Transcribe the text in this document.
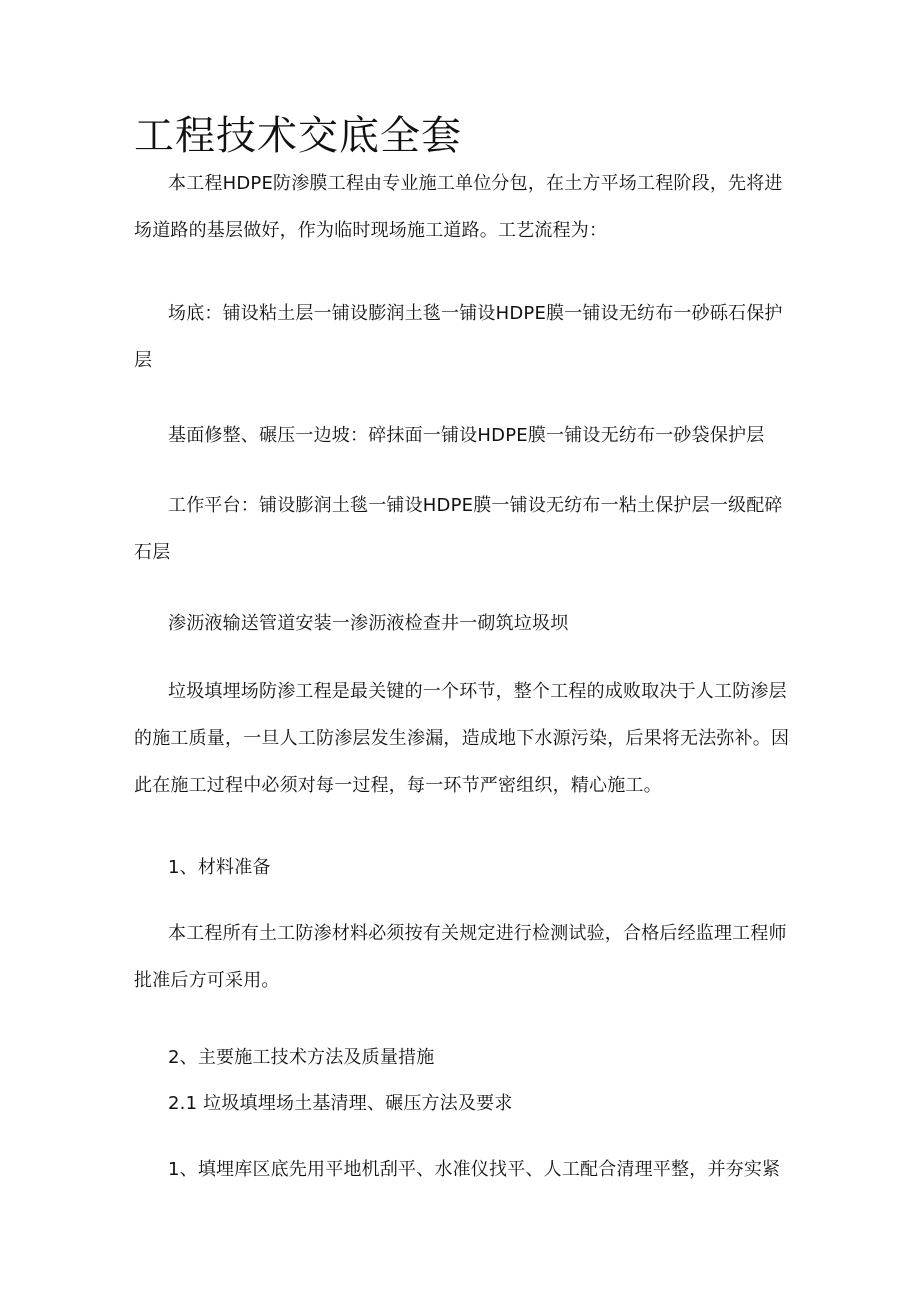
工程技术交底全套

本工程HDPE防渗膜工程由专业施工单位分包，在土方平场工程阶段，先将进场道路的基层做好，作为临时现场施工道路。工艺流程为：

场底：铺设粘土层一铺设膨润土毯一铺设HDPE膜一铺设无纺布一砂砾石保护层

基面修整、碾压一边坡：碎抹面一铺设HDPE膜一铺设无纺布一砂袋保护层

工作平台：铺设膨润土毯一铺设HDPE膜一铺设无纺布一粘土保护层一级配碎石层

渗沥液输送管道安装一渗沥液检查井一砌筑垃圾坝

垃圾填埋场防渗工程是最关键的一个环节，整个工程的成败取决于人工防渗层的施工质量，一旦人工防渗层发生渗漏，造成地下水源污染，后果将无法弥补。因此在施工过程中必须对每一过程，每一环节严密组织，精心施工。

1、材料准备

本工程所有土工防渗材料必须按有关规定进行检测试验，合格后经监理工程师批准后方可采用。

2、主要施工技术方法及质量措施

2.1 垃圾填埋场土基清理、碾压方法及要求

1、填埋库区底先用平地机刮平、水准仪找平、人工配合清理平整，并夯实紧
